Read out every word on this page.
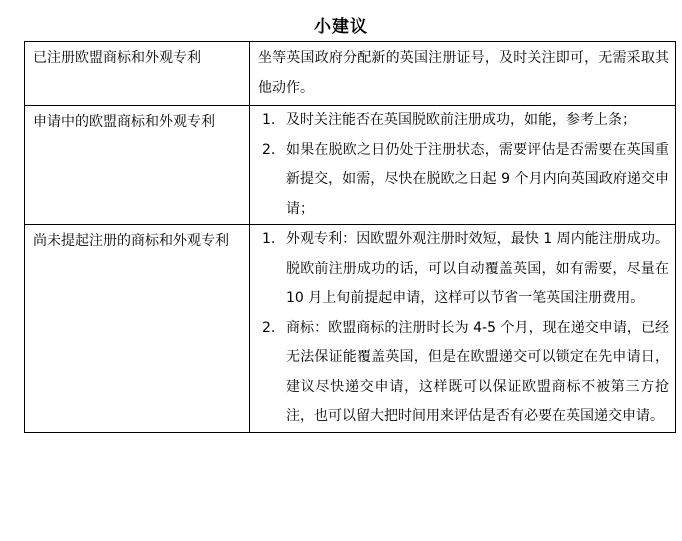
小建议
已注册欧盟商标和外观专利	坐等英国政府分配新的英国注册证号，及时关注即可，无需采取其他动作。

申请中的欧盟商标和外观专利	1. 及时关注能否在英国脱欧前注册成功，如能，参考上条；
2. 如果在脱欧之日仍处于注册状态，需要评估是否需要在英国重新提交，如需，尽快在脱欧之日起 9 个月内向英国政府递交申请；

尚未提起注册的商标和外观专利	1. 外观专利：因欧盟外观注册时效短，最快 1 周内能注册成功。脱欧前注册成功的话，可以自动覆盖英国，如有需要，尽量在 10 月上旬前提起申请，这样可以节省一笔英国注册费用。
2. 商标：欧盟商标的注册时长为 4-5 个月，现在递交申请，已经无法保证能覆盖英国，但是在欧盟递交可以锁定在先申请日，建议尽快递交申请，这样既可以保证欧盟商标不被第三方抢注，也可以留大把时间用来评估是否有必要在英国递交申请。
